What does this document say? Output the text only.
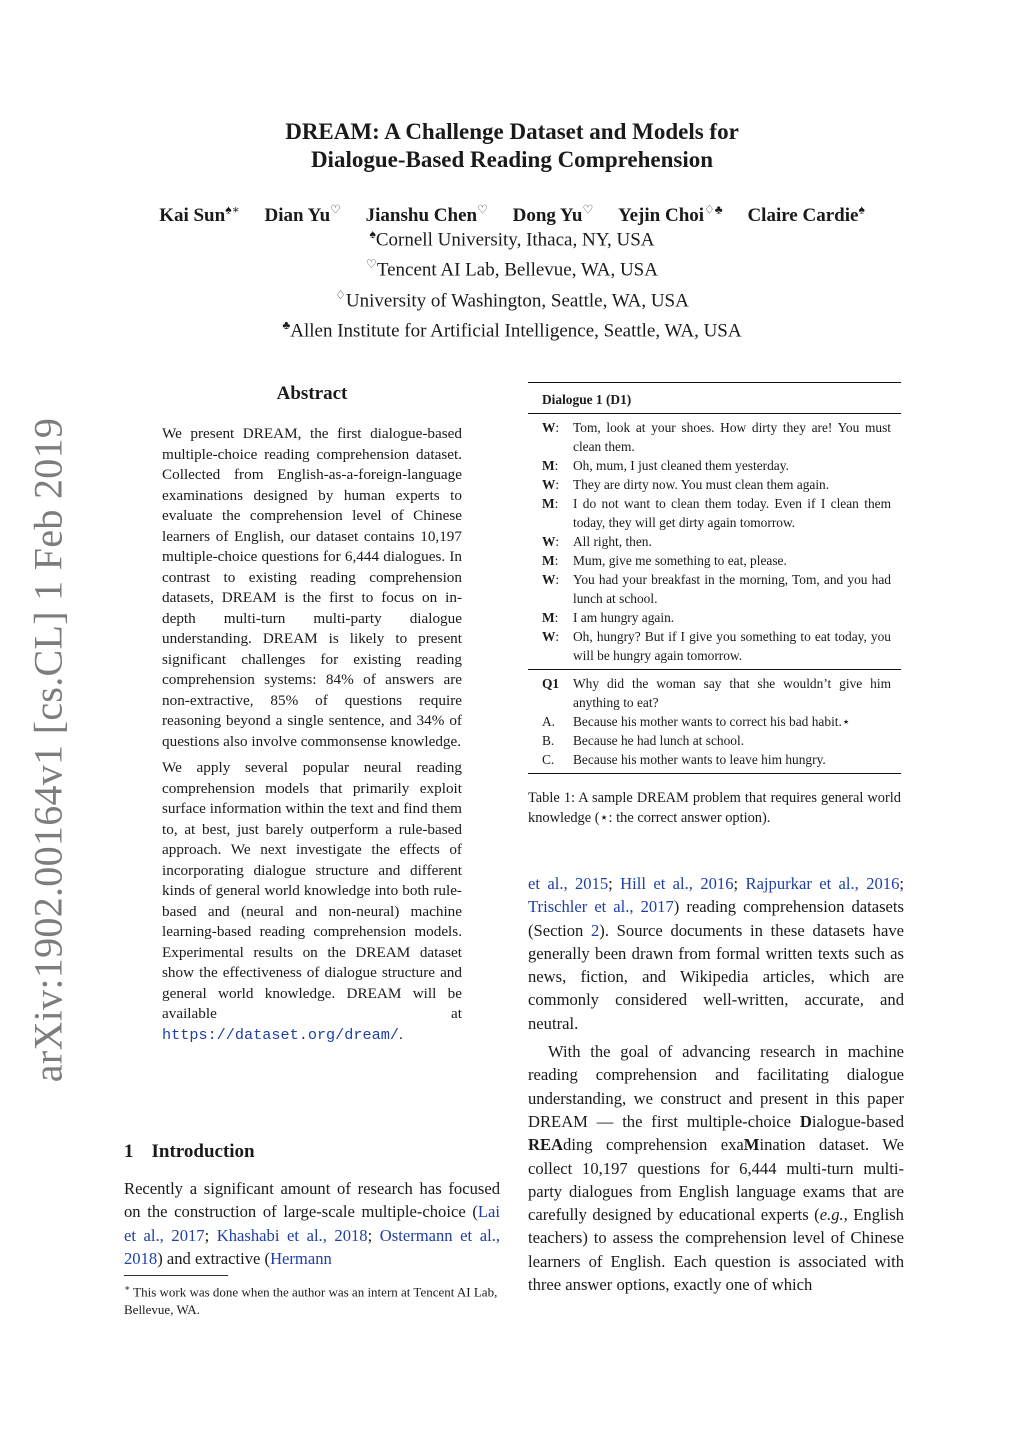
arXiv:1902.00164v1 [cs.CL] 1 Feb 2019
DREAM: A Challenge Dataset and Models for
Dialogue-Based Reading Comprehension
Kai Sun♠∗ Dian Yu♡ Jianshu Chen♡ Dong Yu♡ Yejin Choi♢♣ Claire Cardie♠
♠Cornell University, Ithaca, NY, USA
♡Tencent AI Lab, Bellevue, WA, USA
♢University of Washington, Seattle, WA, USA
♣Allen Institute for Artificial Intelligence, Seattle, WA, USA
Abstract

We present DREAM, the first dialogue-based multiple-choice reading comprehension dataset. Collected from English-as-a-foreign-language examinations designed by human experts to evaluate the comprehension level of Chinese learners of English, our dataset contains 10,197 multiple-choice questions for 6,444 dialogues. In contrast to existing reading comprehension datasets, DREAM is the first to focus on in-depth multi-turn multi-party dialogue understanding. DREAM is likely to present significant challenges for existing reading comprehension systems: 84% of answers are non-extractive, 85% of questions require reasoning beyond a single sentence, and 34% of questions also involve commonsense knowledge.

We apply several popular neural reading comprehension models that primarily exploit surface information within the text and find them to, at best, just barely outperform a rule-based approach. We next investigate the effects of incorporating dialogue structure and different kinds of general world knowledge into both rule-based and (neural and non-neural) machine learning-based reading comprehension models. Experimental results on the DREAM dataset show the effectiveness of dialogue structure and general world knowledge. DREAM will be available at https://dataset.org/dream/.

1 Introduction

Recently a significant amount of research has focused on the construction of large-scale multiple-choice (Lai et al., 2017; Khashabi et al., 2018; Ostermann et al., 2018) and extractive (Hermann

∗ This work was done when the author was an intern at Tencent AI Lab, Bellevue, WA.
Dialogue 1 (D1)
W:	Tom, look at your shoes. How dirty they are! You must clean them.
M:	Oh, mum, I just cleaned them yesterday.
W:	They are dirty now. You must clean them again.
M:	I do not want to clean them today. Even if I clean them today, they will get dirty again tomorrow.
W:	All right, then.
M:	Mum, give me something to eat, please.
W:	You had your breakfast in the morning, Tom, and you had lunch at school.
M:	I am hungry again.
W:	Oh, hungry? But if I give you something to eat today, you will be hungry again tomorrow.
Q1	Why did the woman say that she wouldn’t give him anything to eat?
A.	Because his mother wants to correct his bad habit.⋆
B.	Because he had lunch at school.
C.	Because his mother wants to leave him hungry.
Table 1: A sample DREAM problem that requires general world knowledge (⋆: the correct answer option).

et al., 2015; Hill et al., 2016; Rajpurkar et al., 2016; Trischler et al., 2017) reading comprehension datasets (Section 2). Source documents in these datasets have generally been drawn from formal written texts such as news, fiction, and Wikipedia articles, which are commonly considered well-written, accurate, and neutral.

With the goal of advancing research in machine reading comprehension and facilitating dialogue understanding, we construct and present in this paper DREAM — the first multiple-choice Dialogue-based REAding comprehension exaMination dataset. We collect 10,197 questions for 6,444 multi-turn multi-party dialogues from English language exams that are carefully designed by educational experts (e.g., English teachers) to assess the comprehension level of Chinese learners of English. Each question is associated with three answer options, exactly one of which
